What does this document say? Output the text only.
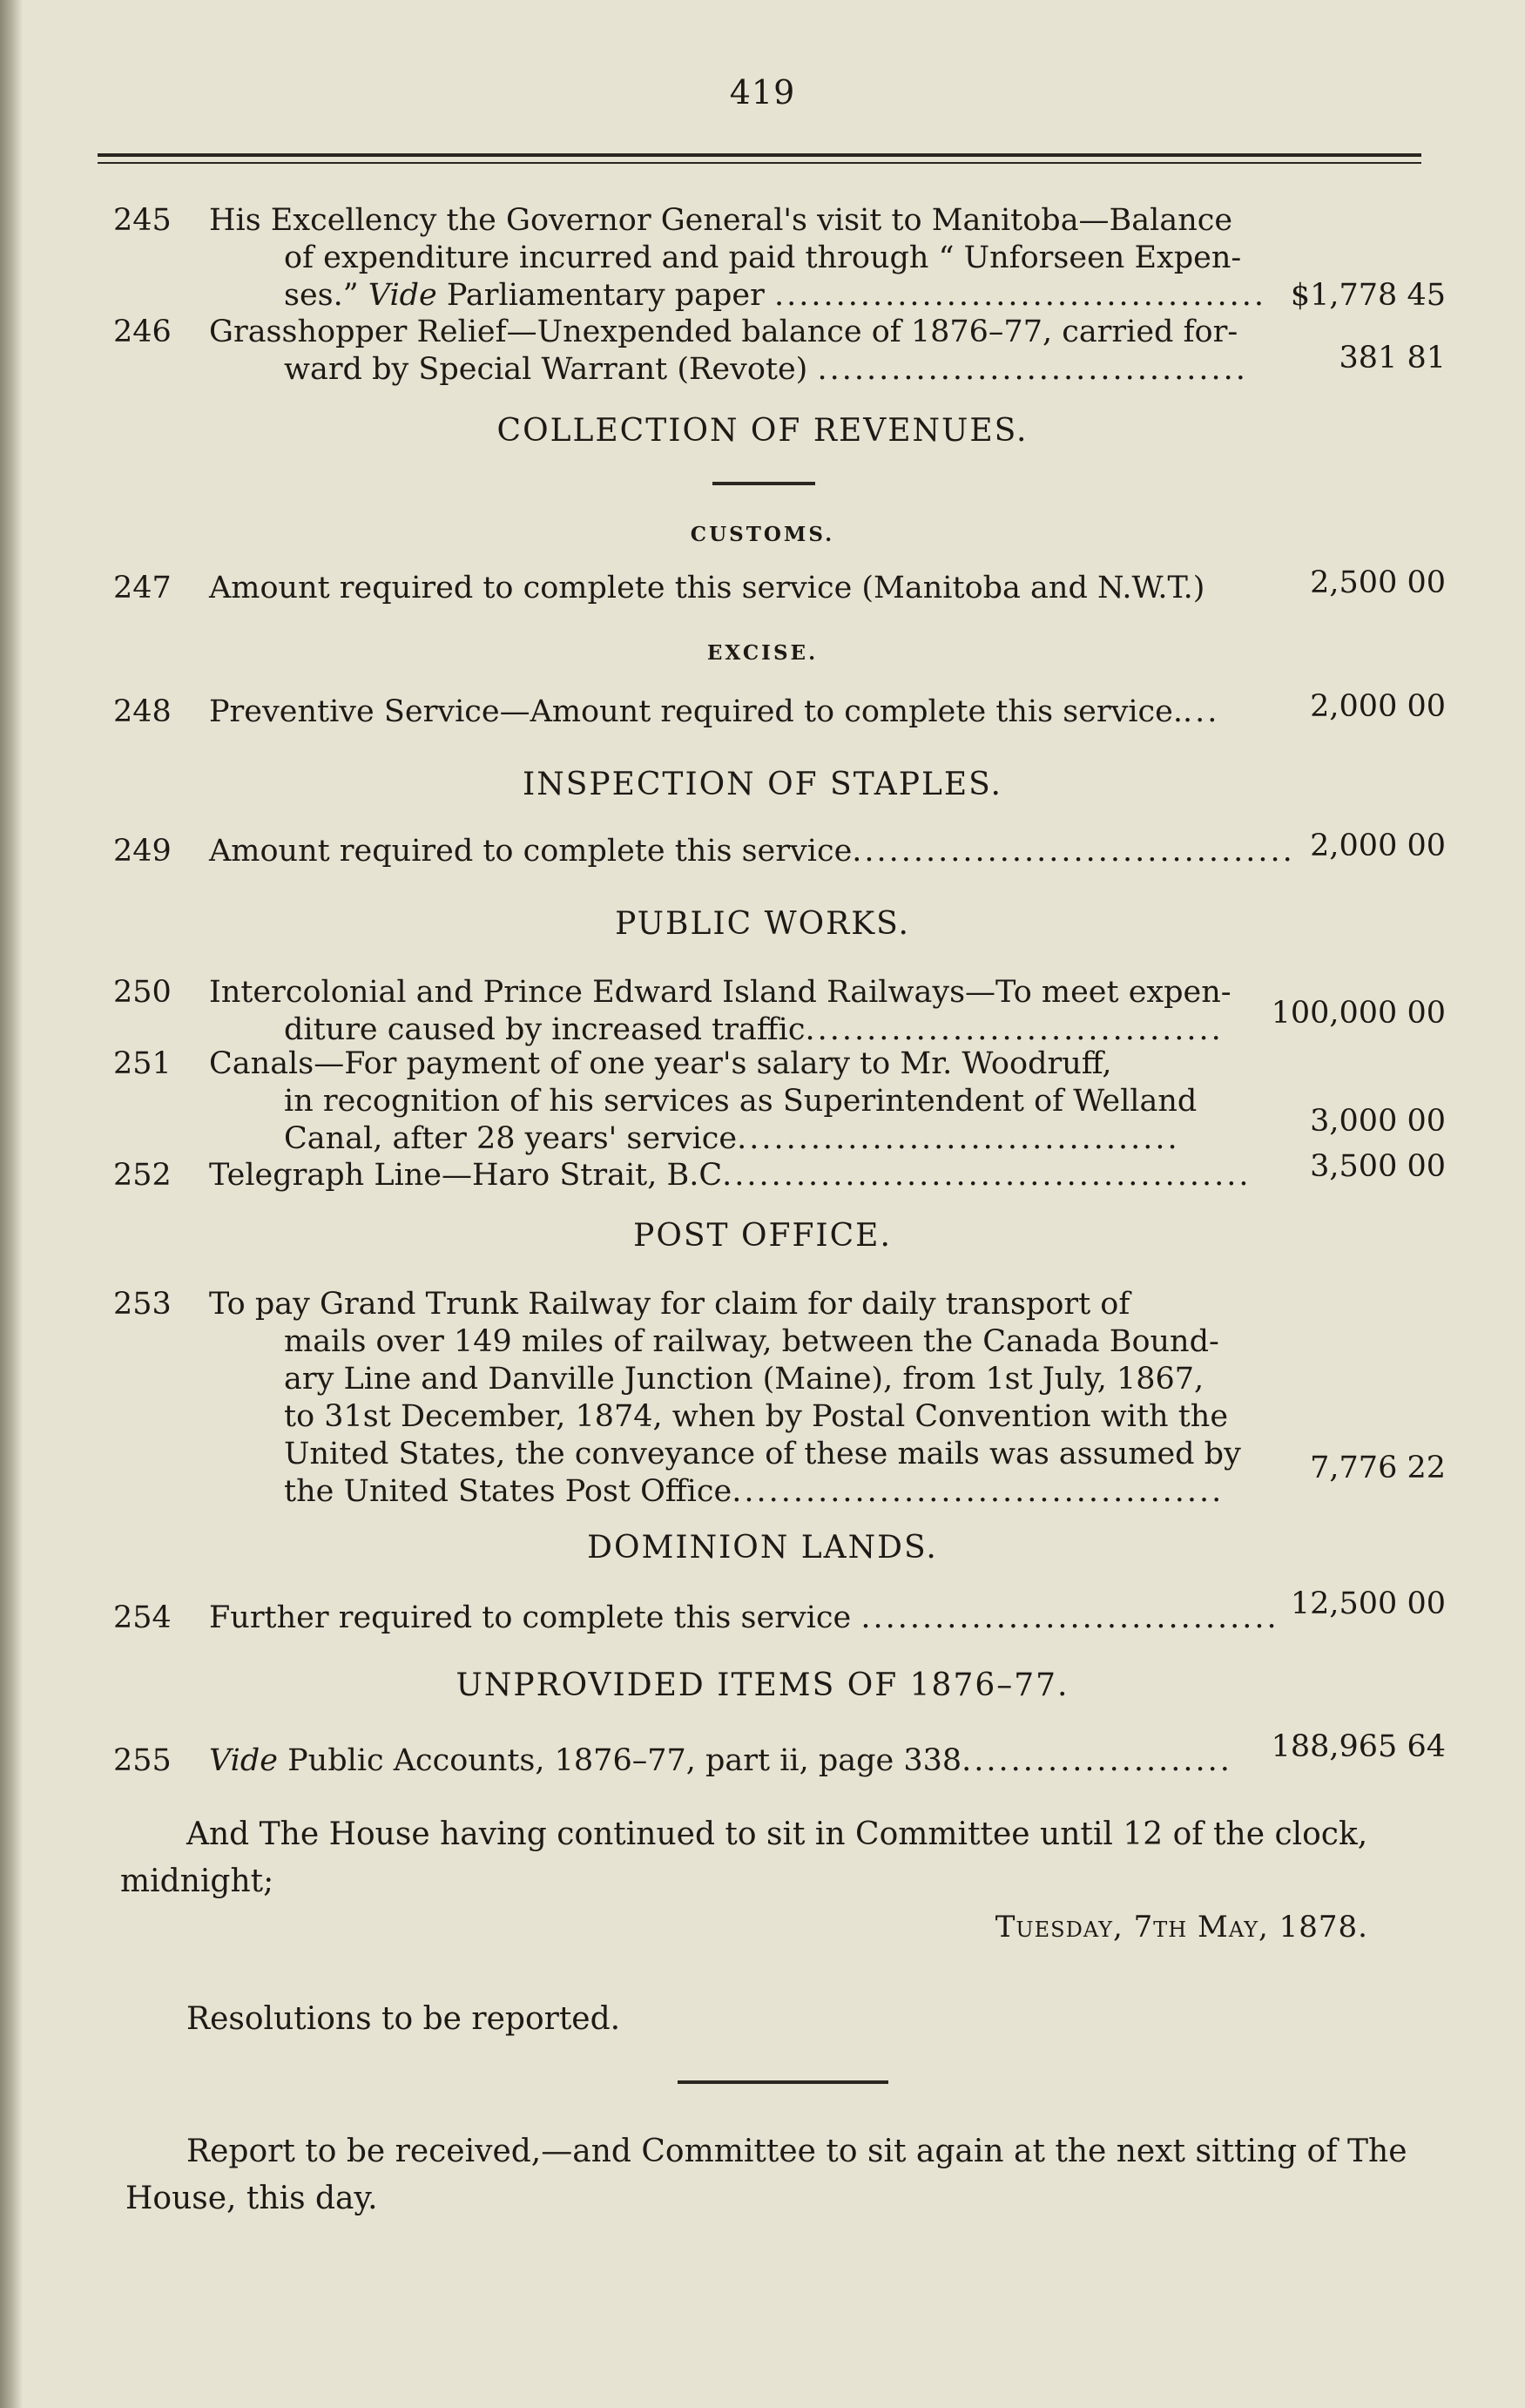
419
245	His Excellency the Governor General's visit to Manitoba—Balance
of expenditure incurred and paid through “ Unforseen Expen-
ses.” Vide Parliamentary paper ........................................ $1,778 45
246	Grasshopper Relief—Unexpended balance of 1876–77, carried for-
ward by Special Warrant (Revote) ...................................	381 81
COLLECTION OF REVENUES.
CUSTOMS.
247	Amount required to complete this service (Manitoba and N.W.T.)	2,500 00
EXCISE.
248	Preventive Service—Amount required to complete this service....	2,000 00
INSPECTION OF STAPLES.
249	Amount required to complete this service.................................... 2,000 00
PUBLIC WORKS.
250	Intercolonial and Prince Edward Island Railways—To meet expen-
diture caused by increased traffic..................................	100,000 00
251	Canals—For payment of one year's salary to Mr. Woodruff,
in recognition of his services as Superintendent of Welland
Canal, after 28 years' service....................................	3,000 00
252	Telegraph Line—Haro Strait, B.C...........................................	3,500 00
POST OFFICE.
253	To pay Grand Trunk Railway for claim for daily transport of
mails over 149 miles of railway, between the Canada Bound-
ary Line and Danville Junction (Maine), from 1st July, 1867,
to 31st December, 1874, when by Postal Convention with the
United States, the conveyance of these mails was assumed by
the United States Post Office........................................
7,776 22
DOMINION LANDS.
254	Further required to complete this service .................................. 12,500 00
UNPROVIDED ITEMS OF 1876–77.
255	Vide Public Accounts, 1876–77, part ii, page 338......................	188,965 64
And The House having continued to sit in Committee until 12 of the clock,
midnight;
Tuesday, 7th May, 1878.
Resolutions to be reported.
Report to be received,—and Committee to sit again at the next sitting of The
House, this day.
